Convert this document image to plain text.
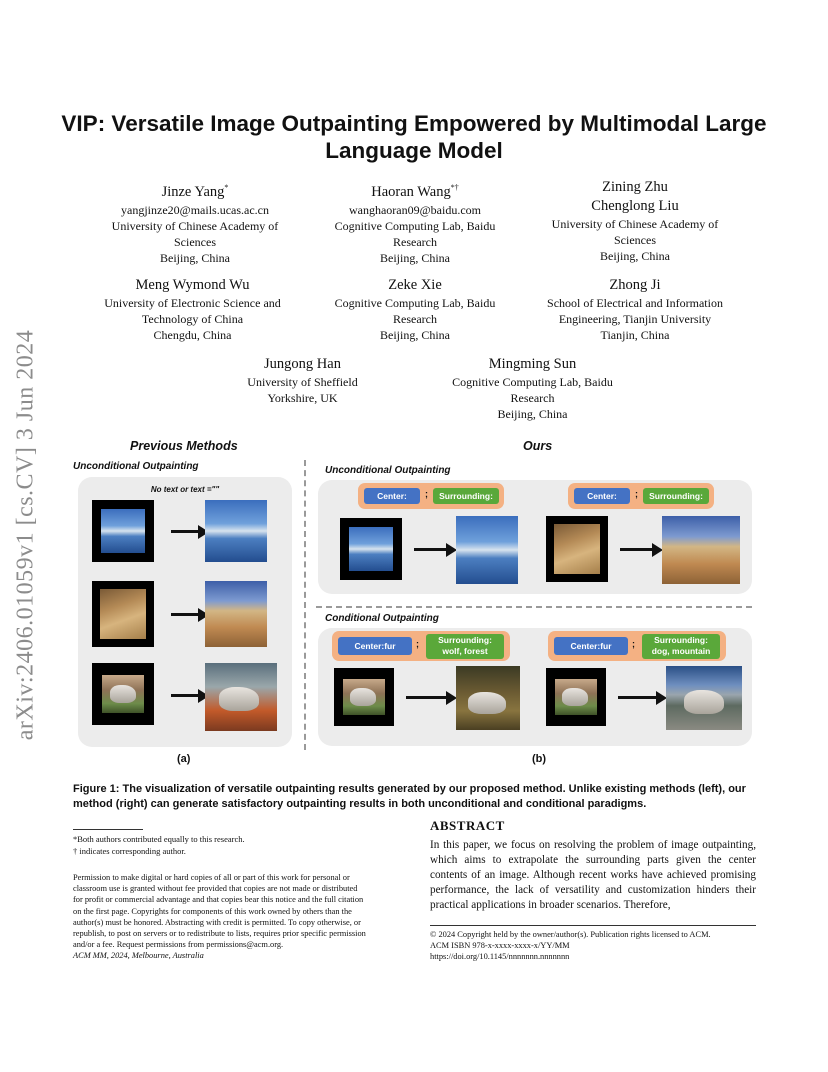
arXiv:2406.01059v1 [cs.CV] 3 Jun 2024
VIP: Versatile Image Outpainting Empowered by Multimodal Large Language Model
Jinze Yang*
yangjinze20@mails.ucas.ac.cn
University of Chinese Academy of
Sciences
Beijing, China
Haoran Wang*†
wanghaoran09@baidu.com
Cognitive Computing Lab, Baidu
Research
Beijing, China
Zining Zhu
Chenglong Liu
University of Chinese Academy of
Sciences
Beijing, China
Meng Wymond Wu
University of Electronic Science and
Technology of China
Chengdu, China
Zeke Xie
Cognitive Computing Lab, Baidu
Research
Beijing, China
Zhong Ji
School of Electrical and Information
Engineering, Tianjin University
Tianjin, China
Jungong Han
University of Sheffield
Yorkshire, UK
Mingming Sun
Cognitive Computing Lab, Baidu
Research
Beijing, China
Previous Methods	Ours
Unconditional Outpainting
No text or text =""
(a)
Unconditional Outpainting
Center:	;	Surrounding:	Center:	;	Surrounding:
Conditional Outpainting
Center:fur	;	Surrounding:
wolf, forest	Center:fur	;	Surrounding:
dog, mountain
(b)
Figure 1: The visualization of versatile outpainting results generated by our proposed method. Unlike existing methods (left), our method (right) can generate satisfactory outpainting results in both unconditional and conditional paradigms.
*Both authors contributed equally to this research.
† indicates corresponding author.

Permission to make digital or hard copies of all or part of this work for personal or

classroom use is granted without fee provided that copies are not made or distributed

for profit or commercial advantage and that copies bear this notice and the full citation

on the first page. Copyrights for components of this work owned by others than the

author(s) must be honored. Abstracting with credit is permitted. To copy otherwise, or

republish, to post on servers or to redistribute to lists, requires prior specific permission

and/or a fee. Request permissions from permissions@acm.org.

ACM MM, 2024, Melbourne, Australia

ABSTRACT
In this paper, we focus on resolving the problem of image outpainting, which aims to extrapolate the surrounding parts given the center contents of an image. Although recent works have achieved promising performance, the lack of versatility and customization hinders their practical applications in broader scenarios. Therefore,

© 2024 Copyright held by the owner/author(s). Publication rights licensed to ACM.

ACM ISBN 978-x-xxxx-xxxx-x/YY/MM

https://doi.org/10.1145/nnnnnnn.nnnnnnn
